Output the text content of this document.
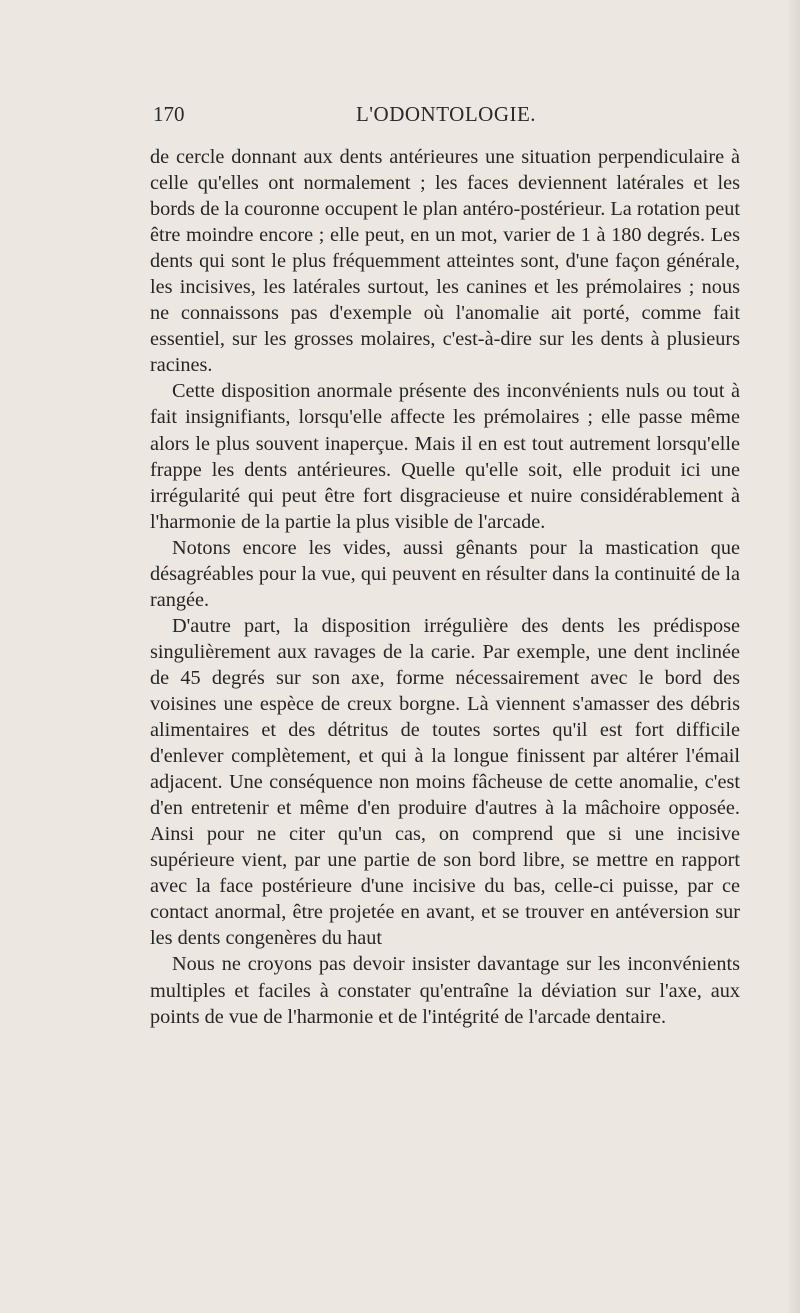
170	L'ODONTOLOGIE.

de cercle donnant aux dents antérieures une situation perpendiculaire à celle qu'elles ont normalement ; les faces deviennent latérales et les bords de la couronne occupent le plan antéro-postérieur. La rotation peut être moindre encore ; elle peut, en un mot, varier de 1 à 180 degrés. Les dents qui sont le plus fréquemment atteintes sont, d'une façon générale, les incisives, les latérales surtout, les canines et les prémolaires ; nous ne connaissons pas d'exemple où l'anomalie ait porté, comme fait essentiel, sur les grosses molaires, c'est-à-dire sur les dents à plusieurs racines.

Cette disposition anormale présente des inconvénients nuls ou tout à fait insignifiants, lorsqu'elle affecte les prémolaires ; elle passe même alors le plus souvent inaperçue. Mais il en est tout autrement lorsqu'elle frappe les dents antérieures. Quelle qu'elle soit, elle produit ici une irrégularité qui peut être fort disgracieuse et nuire considérablement à l'harmonie de la partie la plus visible de l'arcade.

Notons encore les vides, aussi gênants pour la mastication que désagréables pour la vue, qui peuvent en résulter dans la continuité de la rangée.

D'autre part, la disposition irrégulière des dents les prédispose singulièrement aux ravages de la carie. Par exemple, une dent inclinée de 45 degrés sur son axe, forme nécessairement avec le bord des voisines une espèce de creux borgne. Là viennent s'amasser des débris alimentaires et des détritus de toutes sortes qu'il est fort difficile d'enlever complètement, et qui à la longue finissent par altérer l'émail adjacent. Une conséquence non moins fâcheuse de cette anomalie, c'est d'en entretenir et même d'en produire d'autres à la mâchoire opposée. Ainsi pour ne citer qu'un cas, on comprend que si une incisive supérieure vient, par une partie de son bord libre, se mettre en rapport avec la face postérieure d'une incisive du bas, celle-ci puisse, par ce contact anormal, être projetée en avant, et se trouver en antéversion sur les dents congenères du haut

Nous ne croyons pas devoir insister davantage sur les inconvénients multiples et faciles à constater qu'entraîne la déviation sur l'axe, aux points de vue de l'harmonie et de l'intégrité de l'arcade dentaire.
